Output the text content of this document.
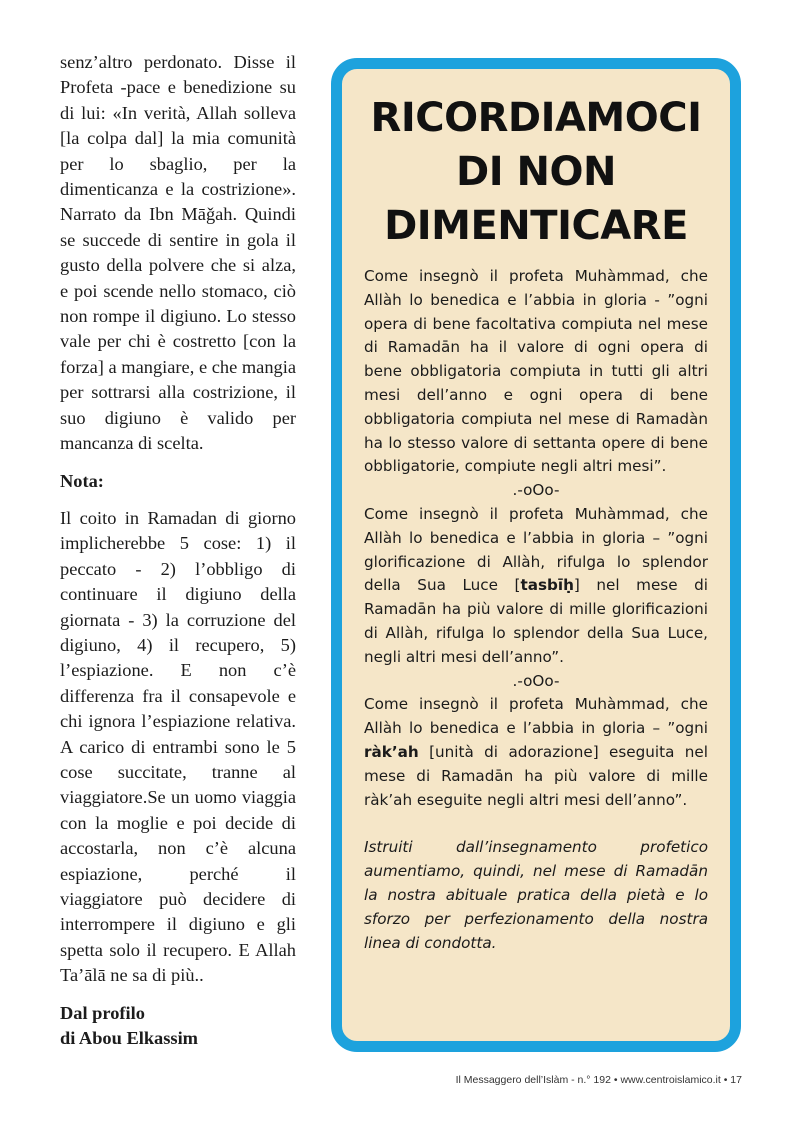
senz’altro perdonato. Disse il Profeta -pace e benedizione su di lui: «In verità, Allah solleva [la colpa dal] la mia comunità per lo sbaglio, per la dimenticanza e la costrizione». Narrato da Ibn Māǧah. Quindi se succede di sentire in gola il gusto della polvere che si alza, e poi scende nello stomaco, ciò non rompe il digiuno. Lo stesso vale per chi è costretto [con la forza] a mangiare, e che mangia per sottrarsi alla costrizione, il suo digiuno è valido per mancanza di scelta.

Nota:

Il coito in Ramadan di giorno implicherebbe 5 cose: 1) il peccato - 2) l’obbligo di continuare il digiuno della giornata - 3) la corruzione del digiuno, 4) il recupero, 5) l’espiazione. E non c’è differenza fra il consapevole e chi ignora l’espiazione relativa. A carico di entrambi sono le 5 cose succitate, tranne al viaggiatore.Se un uomo viaggia con la moglie e poi decide di accostarla, non c’è alcuna espiazione, perché il viaggiatore può decidere di interrompere il digiuno e gli spetta solo il recupero. E Allah Ta’ālā ne sa di più..

Dal profilo
di Abou Elkassim

RICORDIAMOCI
DI NON
DIMENTICARE

Come insegnò il profeta Muhàmmad, che Allàh lo benedica e l’abbia in gloria - ”ogni opera di bene facoltativa compiuta nel mese di Ramadān ha il valore di ogni opera di bene obbligatoria compiuta in tutti gli altri mesi dell’anno e ogni opera di bene obbligatoria compiuta nel mese di Ramadàn ha lo stesso valore di settanta opere di bene obbligatorie, compiute negli altri mesi”.

.-oOo-

Come insegnò il profeta Muhàmmad, che Allàh lo benedica e l’abbia in gloria – ”ogni glorificazione di Allàh, rifulga lo splendor della Sua Luce [tasbīḥ] nel mese di Ramadān ha più valore di mille glorificazioni di Allàh, rifulga lo splendor della Sua Luce, negli altri mesi dell’anno”.

.-oOo-

Come insegnò il profeta Muhàmmad, che Allàh lo benedica e l’abbia in gloria – ”ogni ràk’ah [unità di adorazione] eseguita nel mese di Ramadān ha più valore di mille ràk’ah eseguite negli altri mesi dell’anno”.

Istruiti dall’insegnamento profetico aumentiamo, quindi, nel mese di Ramadān la nostra abituale pratica della pietà e lo sforzo per perfezionamento della nostra linea di condotta.

Il Messaggero dell’Islàm - n.° 192 • www.centroislamico.it • 17
